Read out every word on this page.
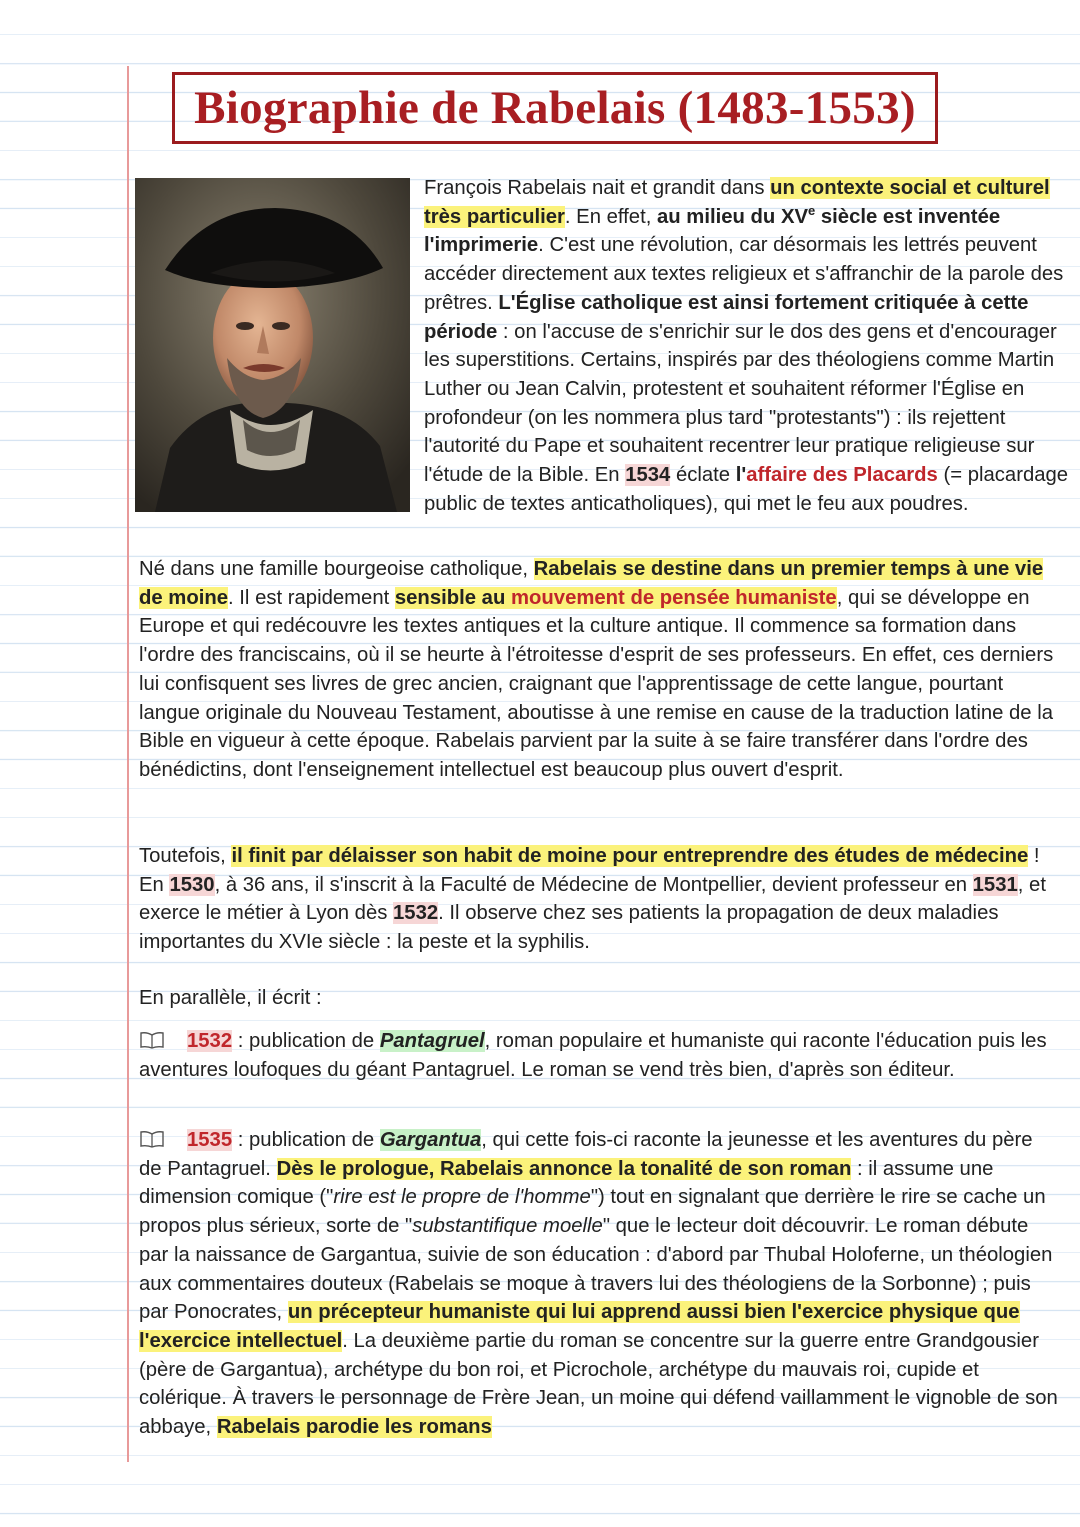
Biographie de Rabelais (1483-1553)

François Rabelais nait et grandit dans un contexte social et culturel très particulier. En effet, au milieu du XVe siècle est inventée l'imprimerie. C'est une révolution, car désormais les lettrés peuvent accéder directement aux textes religieux et s'affranchir de la parole des prêtres. L'Église catholique est ainsi fortement critiquée à cette période : on l'accuse de s'enrichir sur le dos des gens et d'encourager les superstitions. Certains, inspirés par des théologiens comme Martin Luther ou Jean Calvin, protestent et souhaitent réformer l'Église en profondeur (on les nommera plus tard "protestants") : ils rejettent l'autorité du Pape et souhaitent recentrer leur pratique religieuse sur l'étude de la Bible. En 1534 éclate l'affaire des Placards (= placardage public de textes anticatholiques), qui met le feu aux poudres.

Né dans une famille bourgeoise catholique, Rabelais se destine dans un premier temps à une vie de moine. Il est rapidement sensible au mouvement de pensée humaniste, qui se développe en Europe et qui redécouvre les textes antiques et la culture antique. Il commence sa formation dans l'ordre des franciscains, où il se heurte à l'étroitesse d'esprit de ses professeurs. En effet, ces derniers lui confisquent ses livres de grec ancien, craignant que l'apprentissage de cette langue, pourtant langue originale du Nouveau Testament, aboutisse à une remise en cause de la traduction latine de la Bible en vigueur à cette époque. Rabelais parvient par la suite à se faire transférer dans l'ordre des bénédictins, dont l'enseignement intellectuel est beaucoup plus ouvert d'esprit.

Toutefois, il finit par délaisser son habit de moine pour entreprendre des études de médecine ! En 1530, à 36 ans, il s'inscrit à la Faculté de Médecine de Montpellier, devient professeur en 1531, et exerce le métier à Lyon dès 1532. Il observe chez ses patients la propagation de deux maladies importantes du XVIe siècle : la peste et la syphilis.

En parallèle, il écrit :

1532 : publication de Pantagruel, roman populaire et humaniste qui raconte l'éducation puis les aventures loufoques du géant Pantagruel. Le roman se vend très bien, d'après son éditeur.

1535 : publication de Gargantua, qui cette fois-ci raconte la jeunesse et les aventures du père de Pantagruel. Dès le prologue, Rabelais annonce la tonalité de son roman : il assume une dimension comique ("rire est le propre de l'homme") tout en signalant que derrière le rire se cache un propos plus sérieux, sorte de "substantifique moelle" que le lecteur doit découvrir. Le roman débute par la naissance de Gargantua, suivie de son éducation : d'abord par Thubal Holoferne, un théologien aux commentaires douteux (Rabelais se moque à travers lui des théologiens de la Sorbonne) ; puis par Ponocrates, un précepteur humaniste qui lui apprend aussi bien l'exercice physique que l'exercice intellectuel. La deuxième partie du roman se concentre sur la guerre entre Grandgousier (père de Gargantua), archétype du bon roi, et Picrochole, archétype du mauvais roi, cupide et colérique. À travers le personnage de Frère Jean, un moine qui défend vaillamment le vignoble de son abbaye, Rabelais parodie les romans
